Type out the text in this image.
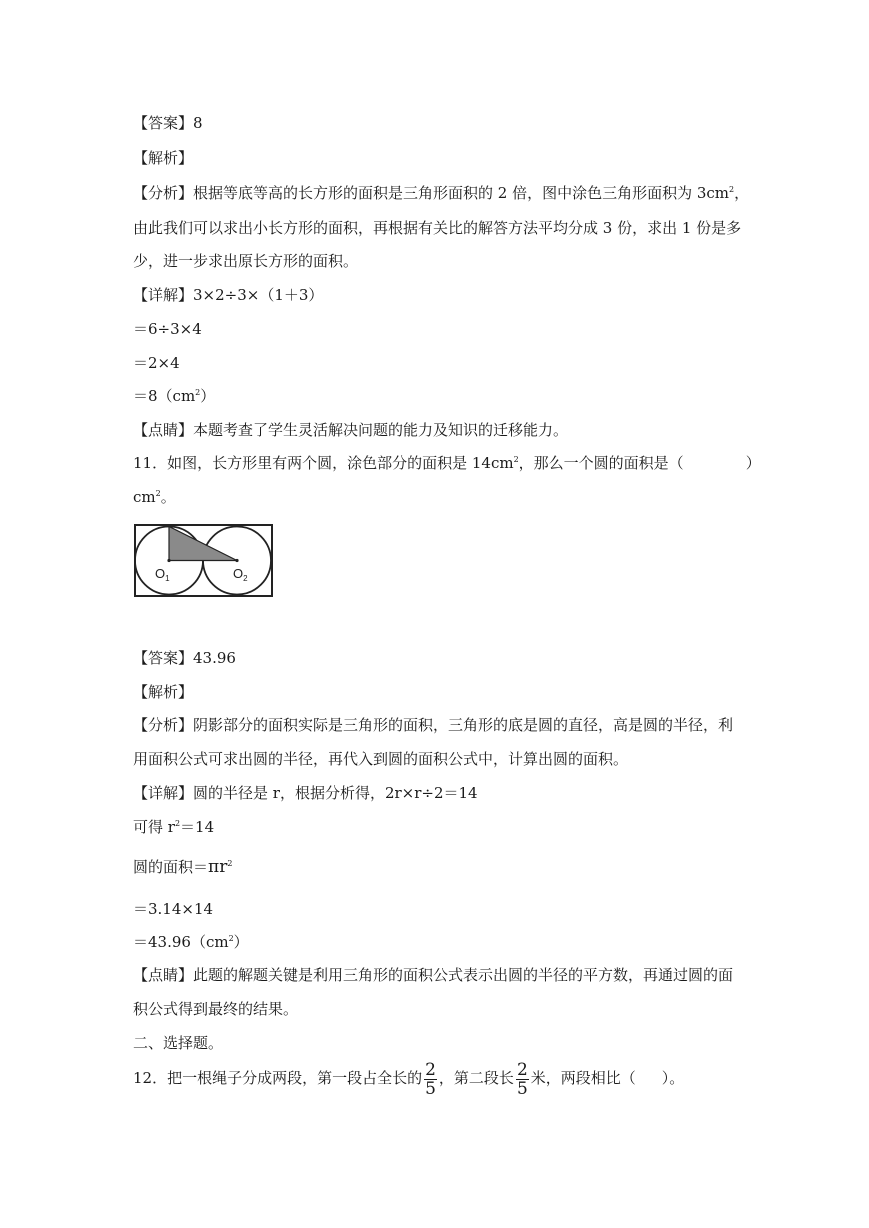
【答案】8
【解析】
【分析】根据等底等高的长方形的面积是三角形面积的 2 倍，图中涂色三角形面积为 $3cm^2$，
由此我们可以求出小长方形的面积，再根据有关比的解答方法平均分成 3 份，求出 1 份是多
少，进一步求出原长方形的面积。
【详解】3×2÷3×（1＋3）
＝6÷3×4
＝2×4
$=8(cm^2)$
【点睛】本题考查了学生灵活解决问题的能力及知识的迁移能力。
11．如图，长方形里有两个圆，涂色部分的面积是 $14cm^2$，那么一个圆的面积是（	）
$cm^2$。
$O_1$	$O_2$
【答案】43.96
【解析】
【分析】阴影部分的面积实际是三角形的面积，三角形的底是圆的直径，高是圆的半径，利
用面积公式可求出圆的半径，再代入到圆的面积公式中，计算出圆的面积。
【详解】圆的半径是 r，根据分析得，2r×r÷2＝14
可得 $r^2=14$
圆的面积$=\pi r^2$
＝3.14×14
$=43.96(cm^2)$
【点睛】此题的解题关键是利用三角形的面积公式表示出圆的半径的平方数，再通过圆的面
积公式得到最终的结果。
二、选择题。
12．把一根绳子分成两段，第一段占全长的 $\frac{2}{5}$ ，第二段长 $\frac{2}{5}$ 米，两段相比（ ）。
